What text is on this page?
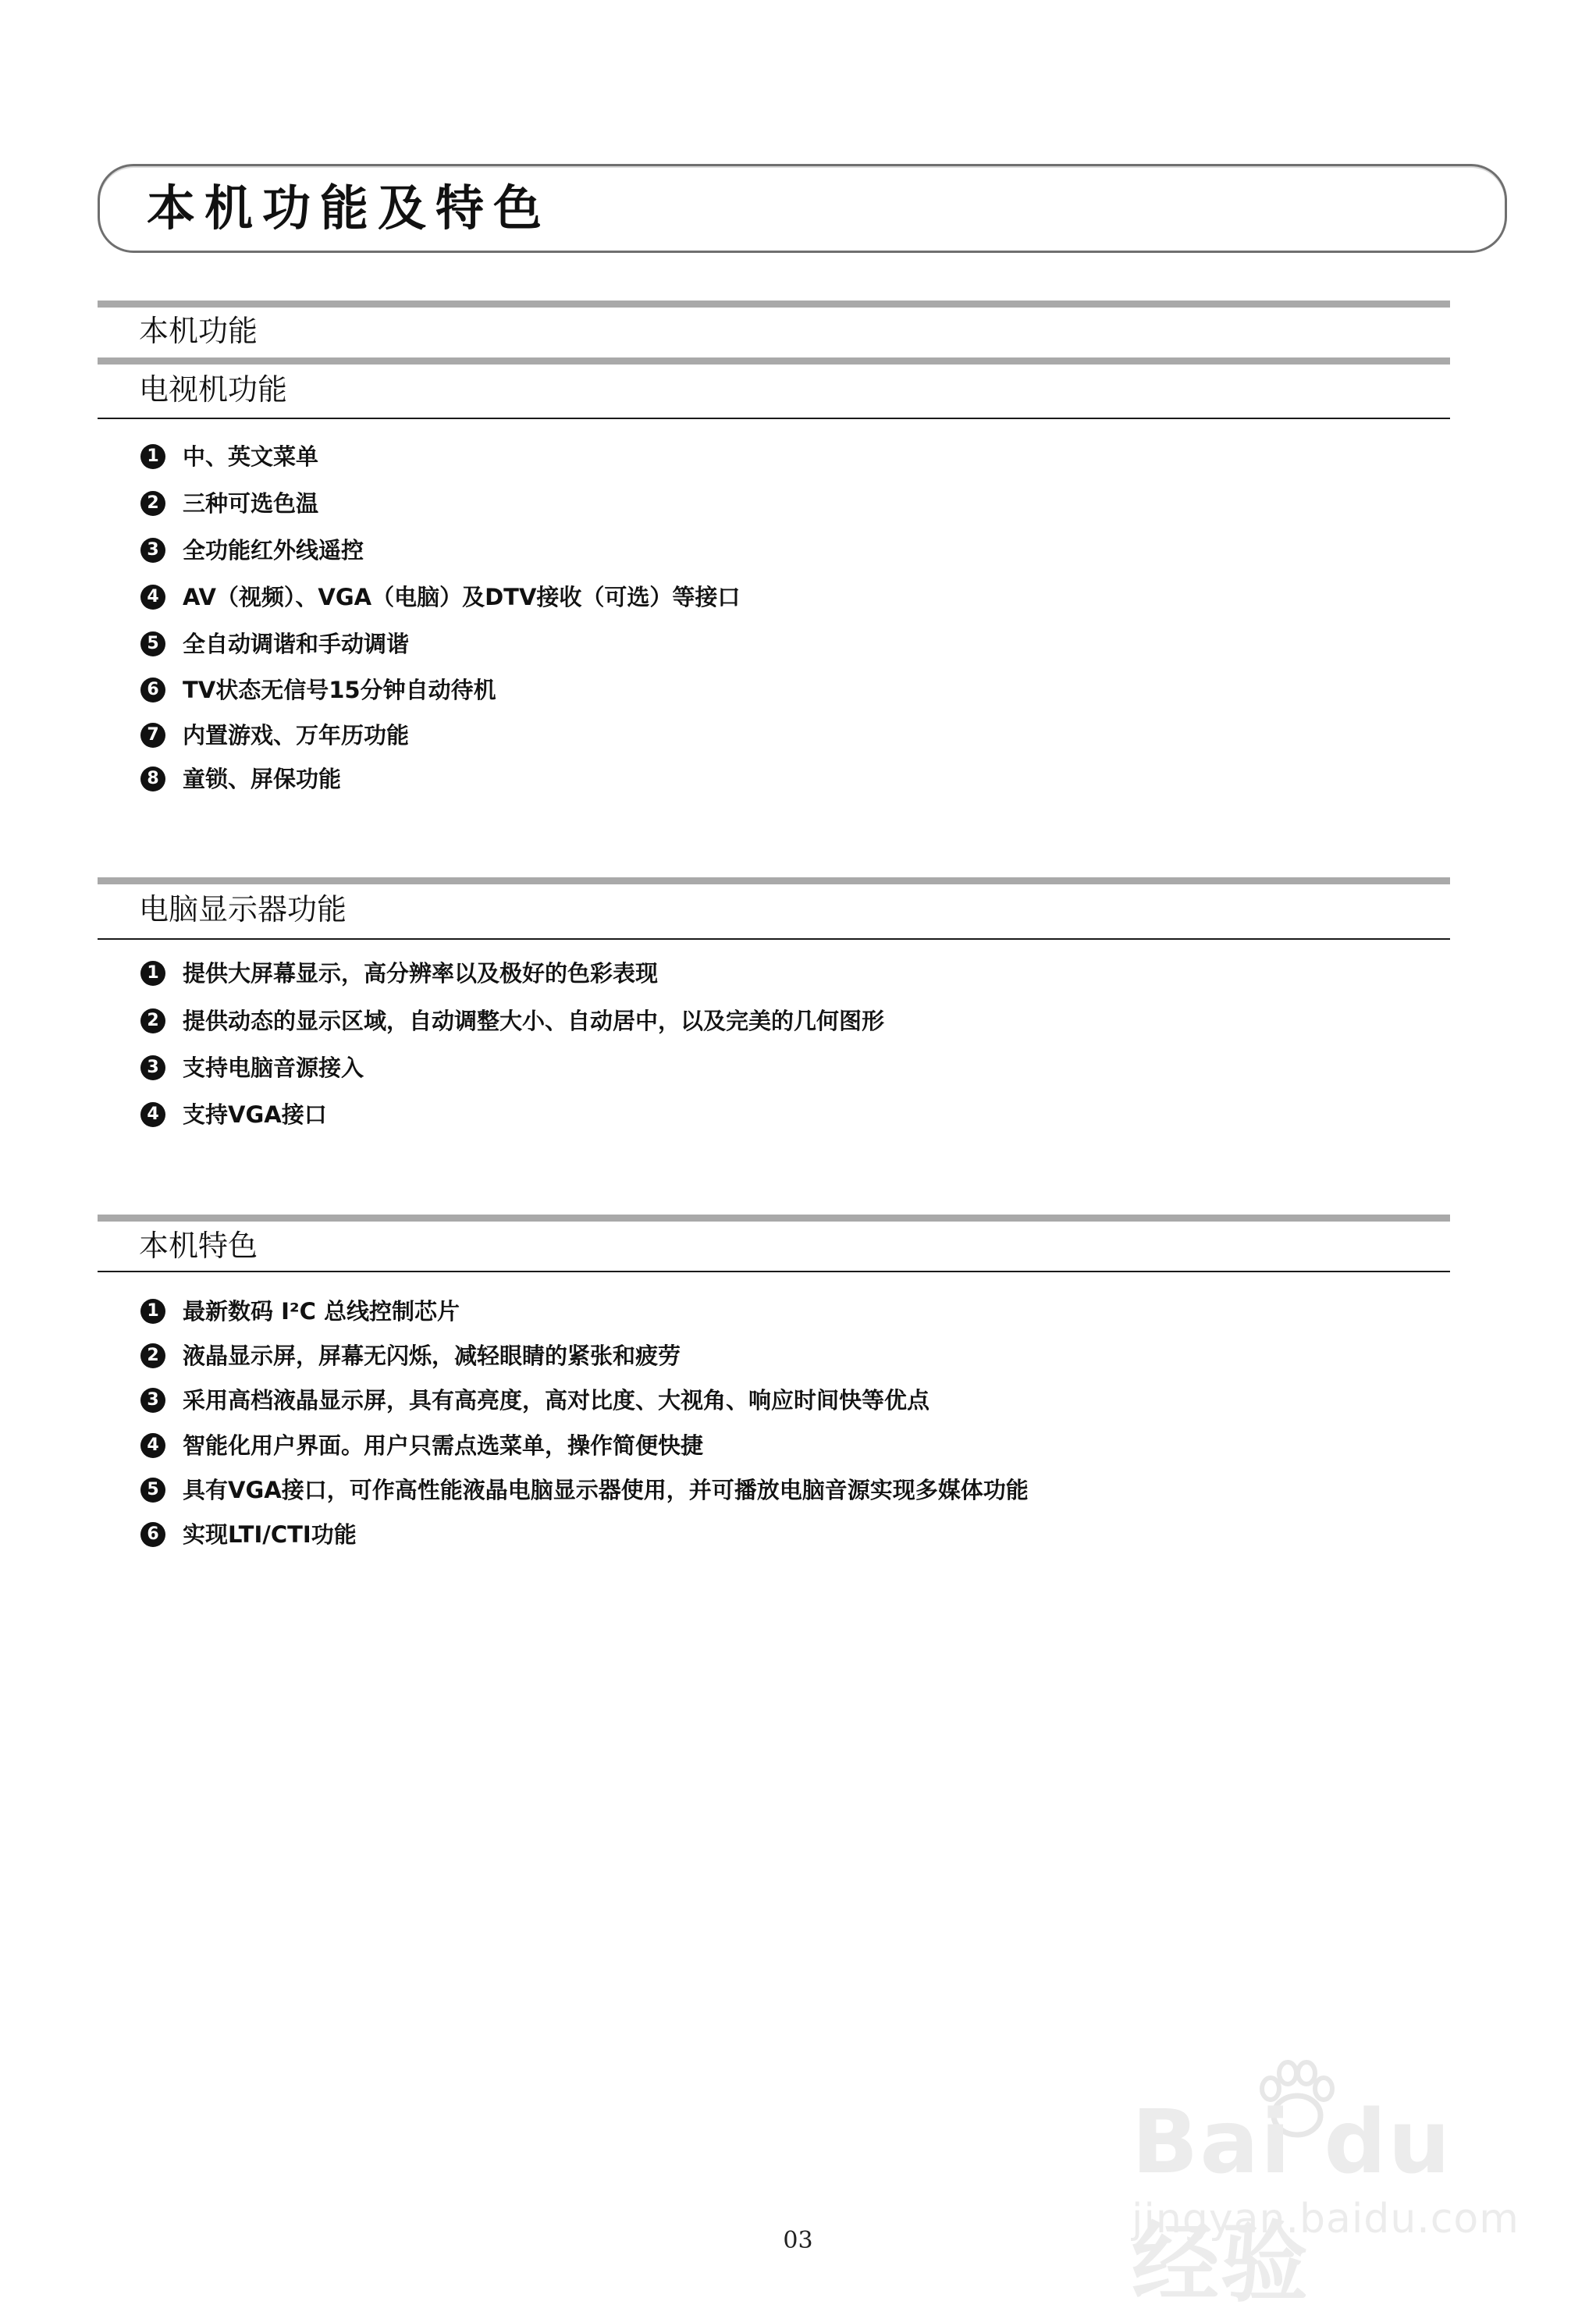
本机功能及特色
本机功能
电视机功能
1 中、英文菜单
2 三种可选色温
3 全功能红外线遥控
4 AV（视频）、VGA（电脑）及DTV接收（可选）等接口
5 全自动调谐和手动调谐
6 TV状态无信号15分钟自动待机
7 内置游戏、万年历功能
8 童锁、屏保功能
电脑显示器功能
1 提供大屏幕显示，高分辨率以及极好的色彩表现
2 提供动态的显示区域，自动调整大小、自动居中，以及完美的几何图形
3 支持电脑音源接入
4 支持VGA接口
本机特色
1 最新数码 I²C 总线控制芯片
2 液晶显示屏，屏幕无闪烁，减轻眼睛的紧张和疲劳
3 采用高档液晶显示屏，具有高亮度，高对比度、大视角、响应时间快等优点
4 智能化用户界面。用户只需点选菜单，操作简便快捷
5 具有VGA接口，可作高性能液晶电脑显示器使用，并可播放电脑音源实现多媒体功能
6 实现LTI/CTI功能
Bai du 经验
jingyan.baidu.com
03
